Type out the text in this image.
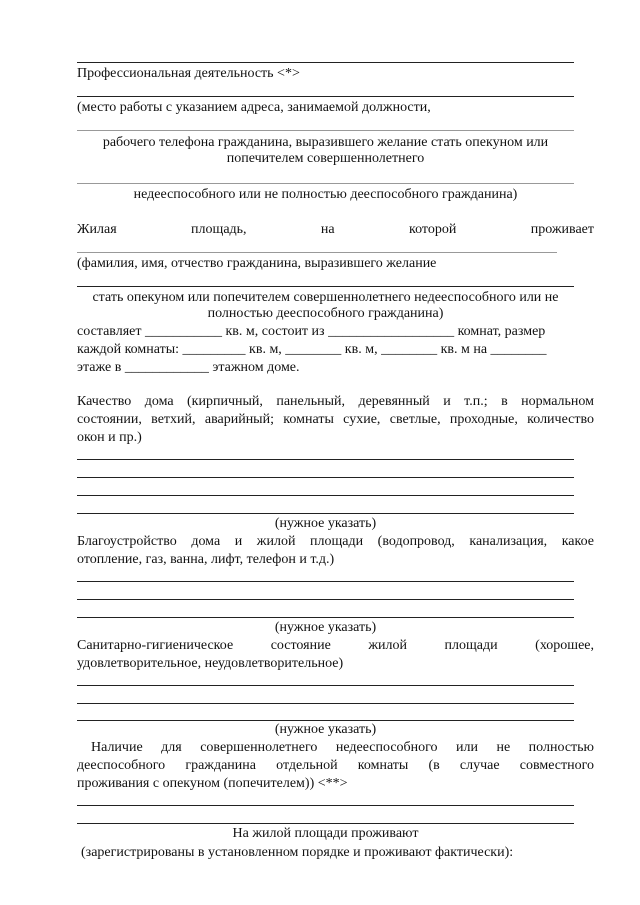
Профессиональная деятельность <*>
(место работы с указанием адреса, занимаемой должности,
рабочего телефона гражданина, выразившего желание стать опекуном или
попечителем совершеннолетнего
недееспособного или не полностью дееспособного гражданина)
Жилая площадь, на которой проживает
(фамилия, имя, отчество гражданина, выразившего желание
стать опекуном или попечителем совершеннолетнего недееспособного или не
полностью дееспособного гражданина)
составляет ___________ кв. м, состоит из __________________ комнат, размер
каждой комнаты: _________ кв. м, ________ кв. м, ________ кв. м на ________
этаже в ____________ этажном доме.
Качество дома (кирпичный, панельный, деревянный и т.п.; в нормальном
состоянии, ветхий, аварийный; комнаты сухие, светлые, проходные, количество
окон и пр.)
(нужное указать)
Благоустройство дома и жилой площади (водопровод, канализация, какое
отопление, газ, ванна, лифт, телефон и т.д.)
(нужное указать)
Санитарно-гигиеническое состояние жилой площади (хорошее,
удовлетворительное, неудовлетворительное)
(нужное указать)
Наличие для совершеннолетнего недееспособного или не полностью
дееспособного гражданина отдельной комнаты (в случае совместного
проживания с опекуном (попечителем)) <**>
На жилой площади проживают
(зарегистрированы в установленном порядке и проживают фактически):
